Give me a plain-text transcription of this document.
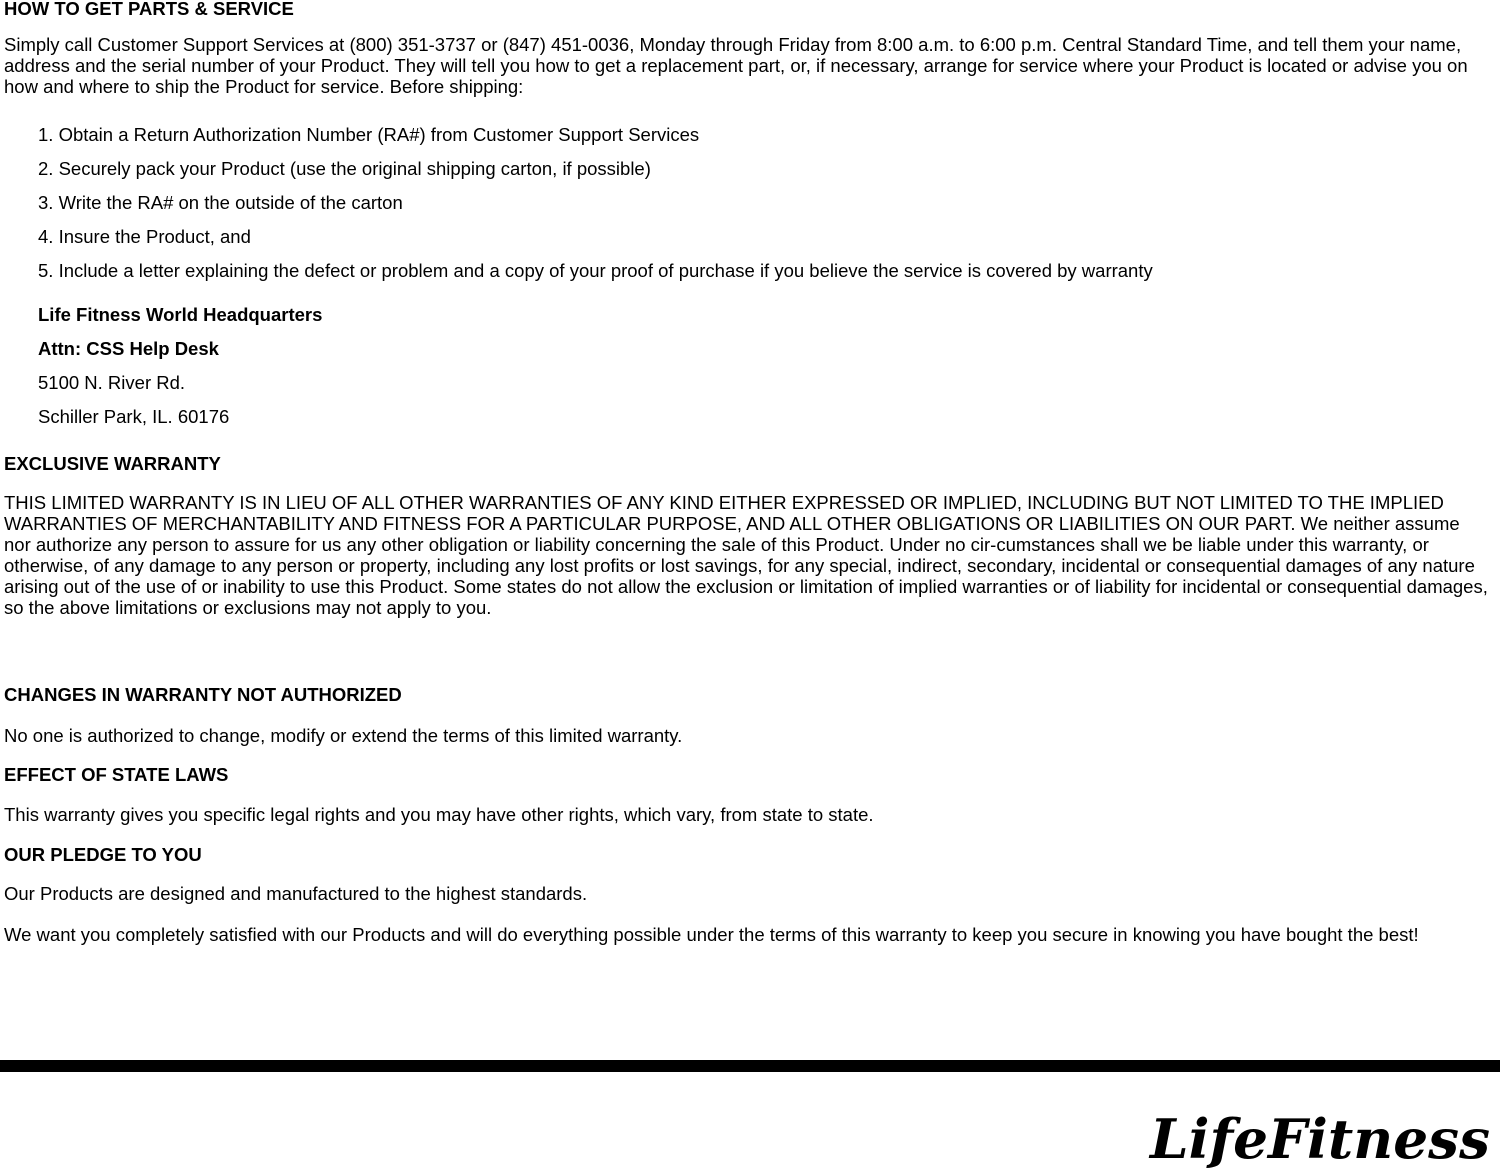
HOW TO GET PARTS & SERVICE

Simply call Customer Support Services at (800) 351-3737 or (847) 451-0036, Monday through Friday from 8:00 a.m. to 6:00 p.m. Central Standard Time, and tell them your name, address and the serial number of your Product. They will tell you how to get a replacement part, or, if necessary, arrange for service where your Product is located or advise you on how and where to ship the Product for service. Before shipping:

1. Obtain a Return Authorization Number (RA#) from Customer Support Services
2. Securely pack your Product (use the original shipping carton, if possible)
3. Write the RA# on the outside of the carton
4. Insure the Product, and
5. Include a letter explaining the defect or problem and a copy of your proof of purchase if you believe the service is covered by warranty
Life Fitness World Headquarters
Attn: CSS Help Desk
5100 N. River Rd.
Schiller Park, IL. 60176
EXCLUSIVE WARRANTY

THIS LIMITED WARRANTY IS IN LIEU OF ALL OTHER WARRANTIES OF ANY KIND EITHER EXPRESSED OR IMPLIED, INCLUDING BUT NOT LIMITED TO THE IMPLIED WARRANTIES OF MERCHANTABILITY AND FITNESS FOR A PARTICULAR PURPOSE, AND ALL OTHER OBLIGATIONS OR LIABILITIES ON OUR PART. We neither assume nor authorize any person to assure for us any other obligation or liability concerning the sale of this Product. Under no cir-cumstances shall we be liable under this warranty, or otherwise, of any damage to any person or property, including any lost profits or lost savings, for any special, indirect, secondary, incidental or consequential damages of any nature arising out of the use of or inability to use this Product. Some states do not allow the exclusion or limitation of implied warranties or of liability for incidental or consequential damages, so the above limitations or exclusions may not apply to you.

CHANGES IN WARRANTY NOT AUTHORIZED

No one is authorized to change, modify or extend the terms of this limited warranty.

EFFECT OF STATE LAWS

This warranty gives you specific legal rights and you may have other rights, which vary, from state to state.

OUR PLEDGE TO YOU

Our Products are designed and manufactured to the highest standards.

We want you completely satisfied with our Products and will do everything possible under the terms of this warranty to keep you secure in knowing you have bought the best!

LifeFitness
